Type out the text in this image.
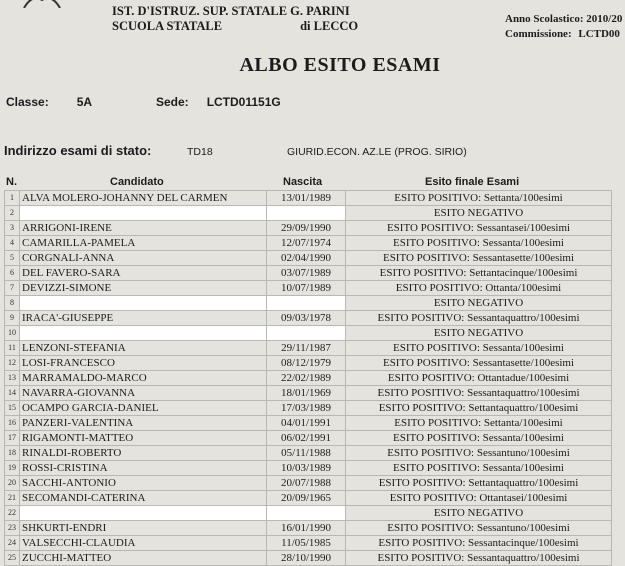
IST. D'ISTRUZ. SUP. STATALE G. PARINI
SCUOLA STATALE	di LECCO	Anno Scolastico: 2010/20
Commissione: LCTD00
ALBO ESITO ESAMI
Classe: 5A	Sede: LCTD01151G
Indirizzo esami di stato:	TD18	GIURID.ECON. AZ.LE (PROG. SIRIO)
N.	Candidato	Nascita	Esito finale Esami
1	ALVA MOLERO-JOHANNY DEL CARMEN	13/01/1989	ESITO POSITIVO: Settanta/100esimi
2			ESITO NEGATIVO
3	ARRIGONI-IRENE	29/09/1990	ESITO POSITIVO: Sessantasei/100esimi
4	CAMARILLA-PAMELA	12/07/1974	ESITO POSITIVO: Sessanta/100esimi
5	CORGNALI-ANNA	02/04/1990	ESITO POSITIVO: Sessantasette/100esimi
6	DEL FAVERO-SARA	03/07/1989	ESITO POSITIVO: Settantacinque/100esimi
7	DEVIZZI-SIMONE	10/07/1989	ESITO POSITIVO: Ottanta/100esimi
8			ESITO NEGATIVO
9	IRACA'-GIUSEPPE	09/03/1978	ESITO POSITIVO: Sessantaquattro/100esimi
10			ESITO NEGATIVO
11	LENZONI-STEFANIA	29/11/1987	ESITO POSITIVO: Sessanta/100esimi
12	LOSI-FRANCESCO	08/12/1979	ESITO POSITIVO: Sessantasette/100esimi
13	MARRAMALDO-MARCO	22/02/1989	ESITO POSITIVO: Ottantadue/100esimi
14	NAVARRA-GIOVANNA	18/01/1969	ESITO POSITIVO: Sessantaquattro/100esimi
15	OCAMPO GARCIA-DANIEL	17/03/1989	ESITO POSITIVO: Settantaquattro/100esimi
16	PANZERI-VALENTINA	04/01/1991	ESITO POSITIVO: Settanta/100esimi
17	RIGAMONTI-MATTEO	06/02/1991	ESITO POSITIVO: Sessanta/100esimi
18	RINALDI-ROBERTO	05/11/1988	ESITO POSITIVO: Sessantuno/100esimi
19	ROSSI-CRISTINA	10/03/1989	ESITO POSITIVO: Sessanta/100esimi
20	SACCHI-ANTONIO	20/07/1988	ESITO POSITIVO: Settantaquattro/100esimi
21	SECOMANDI-CATERINA	20/09/1965	ESITO POSITIVO: Ottantasei/100esimi
22			ESITO NEGATIVO
23	SHKURTI-ENDRI	16/01/1990	ESITO POSITIVO: Sessantuno/100esimi
24	VALSECCHI-CLAUDIA	11/05/1985	ESITO POSITIVO: Sessantacinque/100esimi
25	ZUCCHI-MATTEO	28/10/1990	ESITO POSITIVO: Sessantaquattro/100esimi
